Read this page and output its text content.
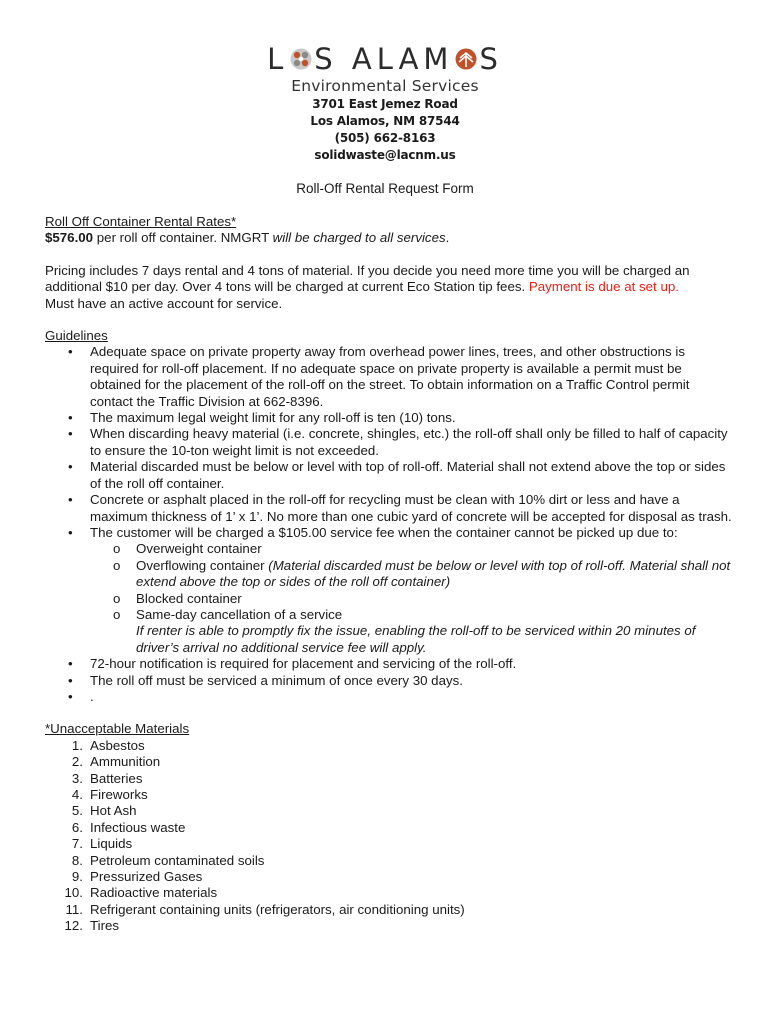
L S ALAM S
Environmental Services
3701 East Jemez Road
Los Alamos, NM 87544
(505) 662-8163
solidwaste@lacnm.us
Roll-Off Rental Request Form

Roll Off Container Rental Rates*

$576.00 per roll off container. NMGRT will be charged to all services.

Pricing includes 7 days rental and 4 tons of material. If you decide you need more time you will be charged an additional $10 per day. Over 4 tons will be charged at current Eco Station tip fees. Payment is due at set up.

Must have an active account for service.

Guidelines

• Adequate space on private property away from overhead power lines, trees, and other obstructions is required for roll-off placement. If no adequate space on private property is available a permit must be obtained for the placement of the roll-off on the street. To obtain information on a Traffic Control permit contact the Traffic Division at 662-8396.
• The maximum legal weight limit for any roll-off is ten (10) tons.
• When discarding heavy material (i.e. concrete, shingles, etc.) the roll-off shall only be filled to half of capacity to ensure the 10-ton weight limit is not exceeded.
• Material discarded must be below or level with top of roll-off. Material shall not extend above the top or sides of the roll off container.
• Concrete or asphalt placed in the roll-off for recycling must be clean with 10% dirt or less and have a maximum thickness of 1’ x 1’. No more than one cubic yard of concrete will be accepted for disposal as trash.
• The customer will be charged a $105.00 service fee when the container cannot be picked up due to:
o Overweight container
o Overflowing container (Material discarded must be below or level with top of roll-off. Material shall not extend above the top or sides of the roll off container)
o Blocked container
o Same-day cancellation of a service
If renter is able to promptly fix the issue, enabling the roll-off to be serviced within 20 minutes of driver’s arrival no additional service fee will apply.
• 72-hour notification is required for placement and servicing of the roll-off.
• The roll off must be serviced a minimum of once every 30 days.
• .

*Unacceptable Materials

1. Asbestos
2. Ammunition
3. Batteries
4. Fireworks
5. Hot Ash
6. Infectious waste
7. Liquids
8. Petroleum contaminated soils
9. Pressurized Gases
10. Radioactive materials
11. Refrigerant containing units (refrigerators, air conditioning units)
12. Tires
